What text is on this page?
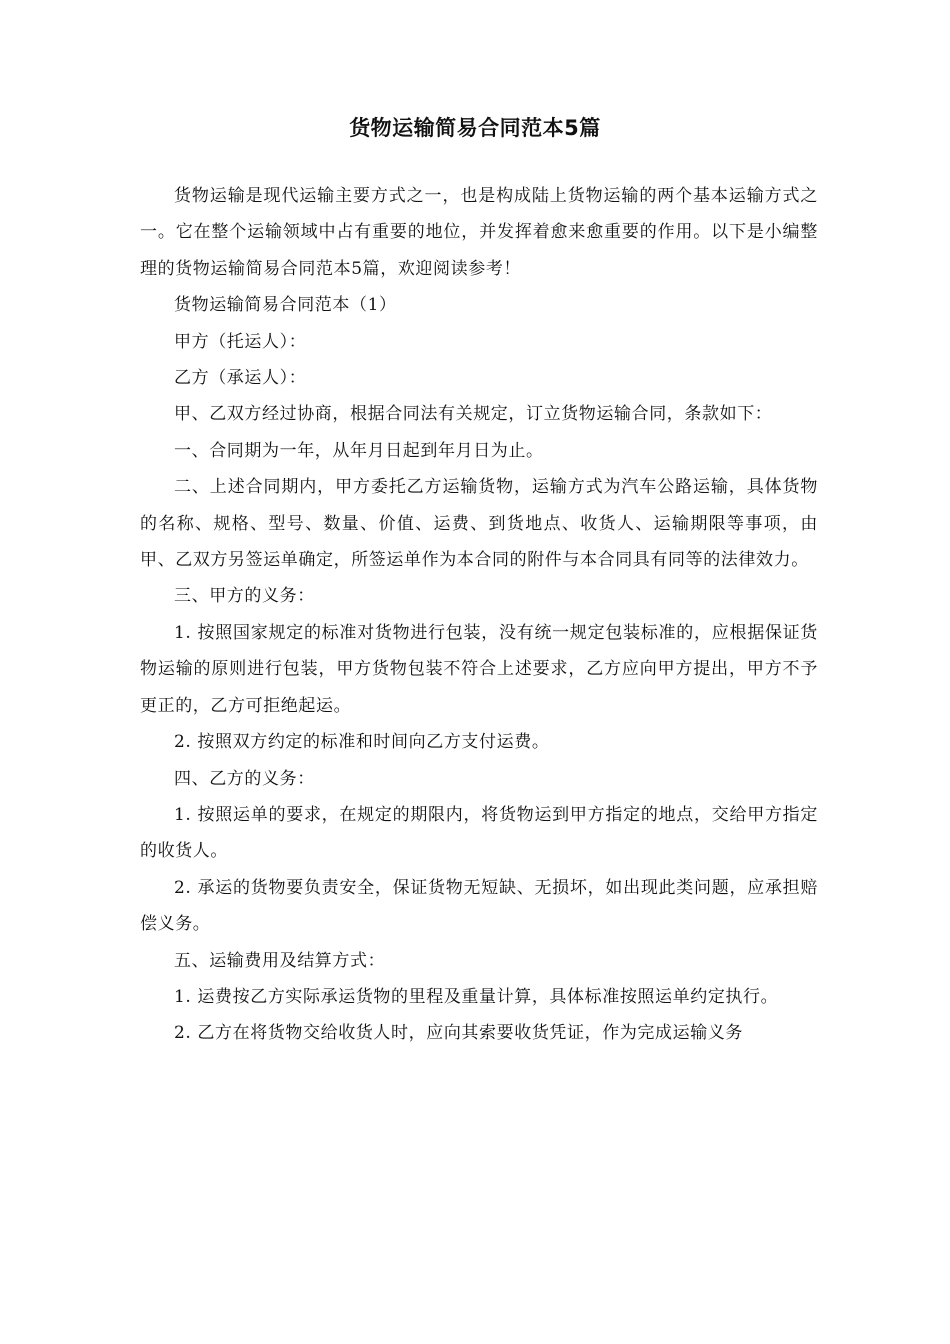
货物运输简易合同范本5篇

货物运输是现代运输主要方式之一，也是构成陆上货物运输的两个基本运输方式之一。它在整个运输领域中占有重要的地位，并发挥着愈来愈重要的作用。以下是小编整理的货物运输简易合同范本5篇，欢迎阅读参考！

货物运输简易合同范本（1）

甲方（托运人）：

乙方（承运人）：

甲、乙双方经过协商，根据合同法有关规定，订立货物运输合同，条款如下：

一、合同期为一年，从年月日起到年月日为止。

二、上述合同期内，甲方委托乙方运输货物，运输方式为汽车公路运输，具体货物的名称、规格、型号、数量、价值、运费、到货地点、收货人、运输期限等事项，由甲、乙双方另签运单确定，所签运单作为本合同的附件与本合同具有同等的法律效力。

三、甲方的义务：

1. 按照国家规定的标准对货物进行包装，没有统一规定包装标准的，应根据保证货物运输的原则进行包装，甲方货物包装不符合上述要求，乙方应向甲方提出，甲方不予更正的，乙方可拒绝起运。

2. 按照双方约定的标准和时间向乙方支付运费。

四、乙方的义务：

1. 按照运单的要求，在规定的期限内，将货物运到甲方指定的地点，交给甲方指定的收货人。

2. 承运的货物要负责安全，保证货物无短缺、无损坏，如出现此类问题，应承担赔偿义务。

五、运输费用及结算方式：

1. 运费按乙方实际承运货物的里程及重量计算，具体标准按照运单约定执行。

2. 乙方在将货物交给收货人时，应向其索要收货凭证，作为完成运输义务
